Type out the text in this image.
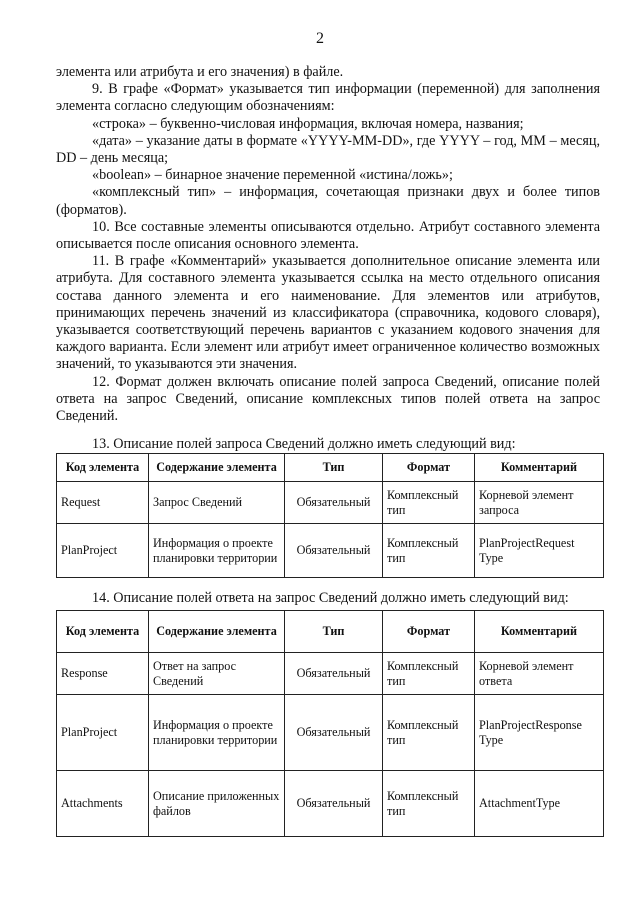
2

элемента или атрибута и его значения) в файле.

9. В графе «Формат» указывается тип информации (переменной) для заполнения элемента согласно следующим обозначениям:

«строка» – буквенно-числовая информация, включая номера, названия;

«дата» – указание даты в формате «YYYY-MM-DD», где YYYY – год, MM – месяц, DD – день месяца;

«boolean» – бинарное значение переменной «истина/ложь»;

«комплексный тип» – информация, сочетающая признаки двух и более типов (форматов).

10. Все составные элементы описываются отдельно. Атрибут составного элемента описывается после описания основного элемента.

11. В графе «Комментарий» указывается дополнительное описание элемента или атрибута. Для составного элемента указывается ссылка на место отдельного описания состава данного элемента и его наименование. Для элементов или атрибутов, принимающих перечень значений из классификатора (справочника, кодового словаря), указывается соответствующий перечень вариантов с указанием кодового значения для каждого варианта. Если элемент или атрибут имеет ограниченное количество возможных значений, то указываются эти значения.

12. Формат должен включать описание полей запроса Сведений, описание полей ответа на запрос Сведений, описание комплексных типов полей ответа на запрос Сведений.

13. Описание полей запроса Сведений должно иметь следующий вид:
Код элемента	Содержание элемента	Тип	Формат	Комментарий
Request	Запрос Сведений	Обязательный	Комплексный тип	Корневой элемент запроса
PlanProject	Информация о проекте планировки территории	Обязательный	Комплексный тип	PlanProjectRequest Type
14. Описание полей ответа на запрос Сведений должно иметь следующий вид:
Код элемента	Содержание элемента	Тип	Формат	Комментарий
Response	Ответ на запрос Сведений	Обязательный	Комплексный тип	Корневой элемент ответа
PlanProject	Информация о проекте планировки территории	Обязательный	Комплексный тип	PlanProjectResponse Type
Attachments	Описание приложенных файлов	Обязательный	Комплексный тип	AttachmentType
